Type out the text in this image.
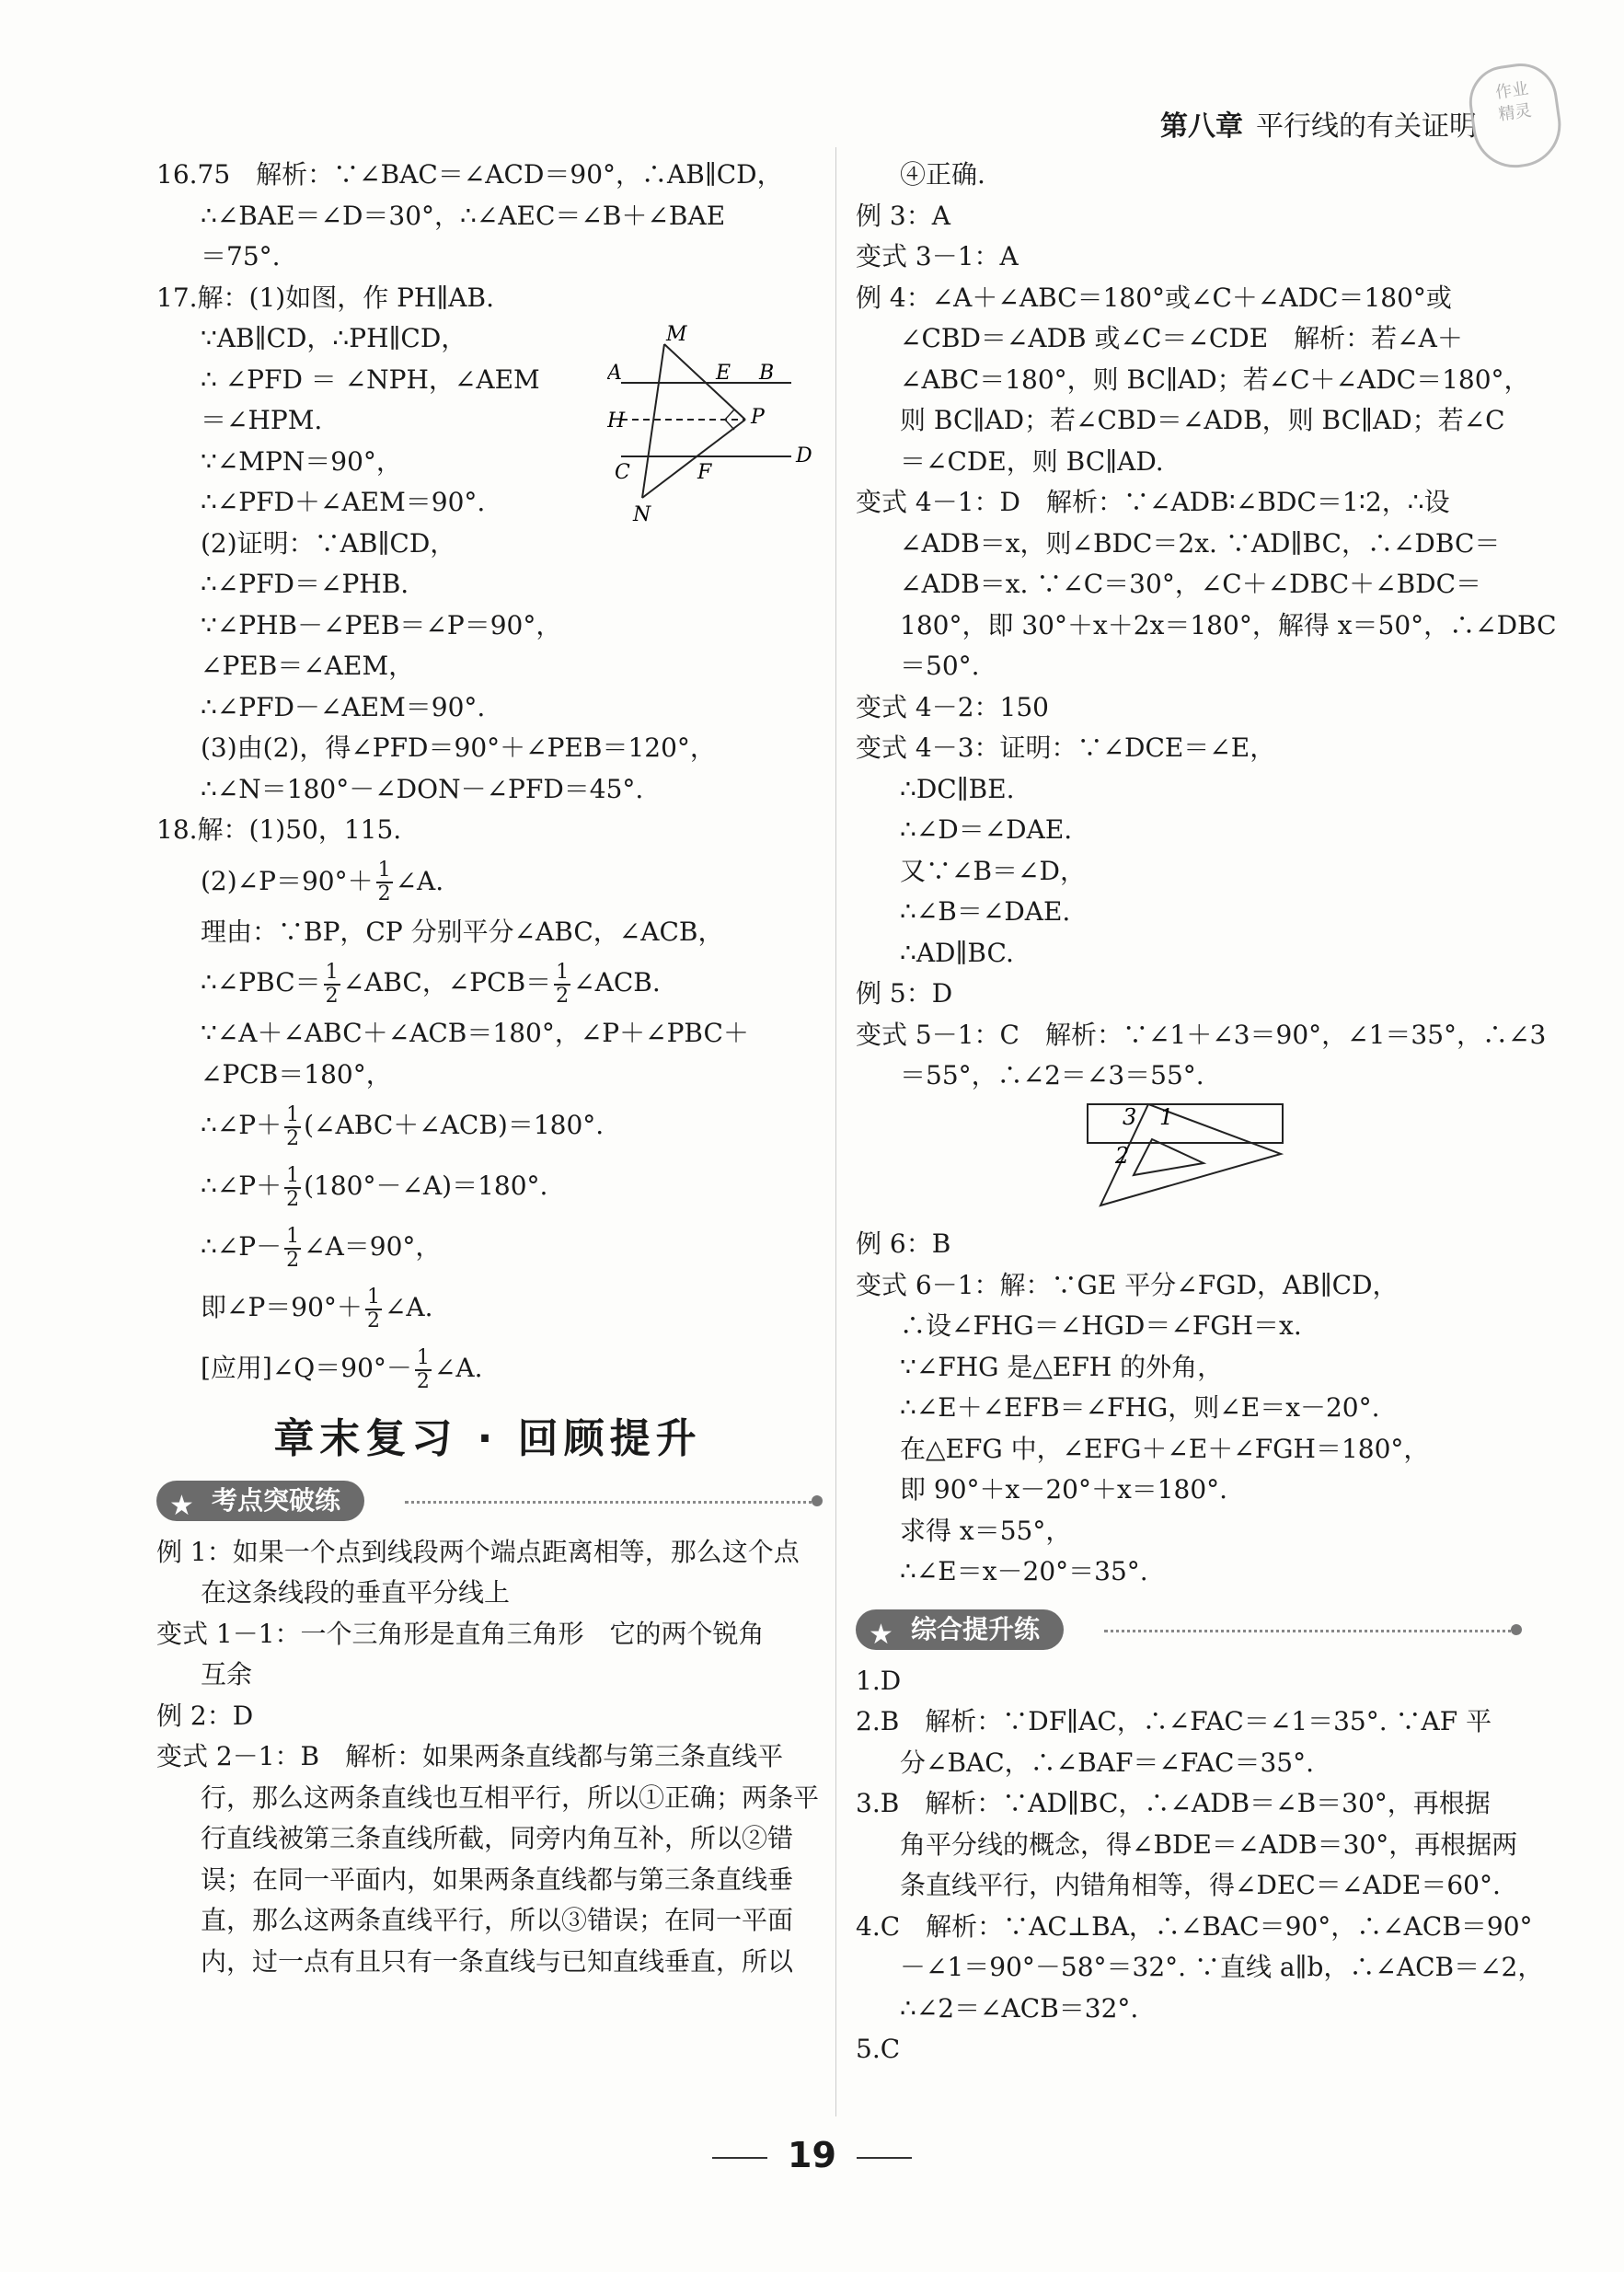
第八章 平行线的有关证明
作业
精灵
16.75　解析：∵∠BAC＝∠ACD＝90°，∴AB∥CD，
∴∠BAE＝∠D＝30°，∴∠AEC＝∠B＋∠BAE
＝75°.
17.解：(1)如图，作 PH∥AB.
∵AB∥CD，∴PH∥CD，
∴ ∠PFD ＝ ∠NPH，∠AEM
＝∠HPM.
∵∠MPN＝90°，
∴∠PFD＋∠AEM＝90°.
(2)证明：∵AB∥CD，
∴∠PFD＝∠PHB.
∵∠PHB－∠PEB＝∠P＝90°，
∠PEB＝∠AEM，
∴∠PFD－∠AEM＝90°.
(3)由(2)，得∠PFD＝90°＋∠PEB＝120°，
∴∠N＝180°－∠DON－∠PFD＝45°.
M
A	E B
H	P
D
C	F
N
18.解：(1)50，115.
(2)∠P＝90°＋ $\frac{1}{2}$ ∠A.
理由：∵BP，CP 分别平分∠ABC，∠ACB，
∴∠PBC＝ $\frac{1}{2}$ ∠ABC，∠PCB＝ $\frac{1}{2}$ ∠ACB.
∵∠A＋∠ABC＋∠ACB＝180°，∠P＋∠PBC＋
∠PCB＝180°，
∴∠P＋ $\frac{1}{2}$ (∠ABC＋∠ACB)＝180°.
∴∠P＋ $\frac{1}{2}$ (180°－∠A)＝180°.
∴∠P－ $\frac{1}{2}$ ∠A＝90°，
即∠P＝90°＋ $\frac{1}{2}$ ∠A.
[应用]∠Q＝90°－ $\frac{1}{2}$ ∠A.
章末复习 · 回顾提升
★ 考点突破练
例 1：如果一个点到线段两个端点距离相等，那么这个点
在这条线段的垂直平分线上
变式 1－1：一个三角形是直角三角形　它的两个锐角
互余
例 2：D
变式 2－1：B　解析：如果两条直线都与第三条直线平
行，那么这两条直线也互相平行，所以①正确；两条平
行直线被第三条直线所截，同旁内角互补，所以②错
误；在同一平面内，如果两条直线都与第三条直线垂
直，那么这两条直线平行，所以③错误；在同一平面
内，过一点有且只有一条直线与已知直线垂直，所以
④正确.
例 3：A
变式 3－1：A
例 4：∠A＋∠ABC＝180°或∠C＋∠ADC＝180°或
∠CBD＝∠ADB 或∠C＝∠CDE　解析：若∠A＋
∠ABC＝180°，则 BC∥AD；若∠C＋∠ADC＝180°，
则 BC∥AD；若∠CBD＝∠ADB，则 BC∥AD；若∠C
＝∠CDE，则 BC∥AD.
变式 4－1：D　解析：∵∠ADB∶∠BDC＝1∶2，∴设
∠ADB＝x，则∠BDC＝2x. ∵AD∥BC，∴∠DBC＝
∠ADB＝x. ∵∠C＝30°，∠C＋∠DBC＋∠BDC＝
180°，即 30°＋x＋2x＝180°，解得 x＝50°，∴∠DBC
＝50°.
变式 4－2：150
变式 4－3：证明：∵∠DCE＝∠E，
∴DC∥BE.
∴∠D＝∠DAE.
又∵∠B＝∠D，
∴∠B＝∠DAE.
∴AD∥BC.
例 5：D
变式 5－1：C　解析：∵∠1＋∠3＝90°，∠1＝35°，∴∠3
＝55°，∴∠2＝∠3＝55°.
3 1
2
例 6：B
变式 6－1：解：∵GE 平分∠FGD，AB∥CD，
∴设∠FHG＝∠HGD＝∠FGH＝x.
∵∠FHG 是△EFH 的外角，
∴∠E＋∠EFB＝∠FHG，则∠E＝x－20°.
在△EFG 中，∠EFG＋∠E＋∠FGH＝180°，
即 90°＋x－20°＋x＝180°.
求得 x＝55°，
∴∠E＝x－20°＝35°.
★ 综合提升练
1.D
2.B　解析：∵DF∥AC，∴∠FAC＝∠1＝35°. ∵AF 平
分∠BAC，∴∠BAF＝∠FAC＝35°.
3.B　解析：∵AD∥BC，∴∠ADB＝∠B＝30°，再根据
角平分线的概念，得∠BDE＝∠ADB＝30°，再根据两
条直线平行，内错角相等，得∠DEC＝∠ADE＝60°.
4.C　解析：∵AC⊥BA，∴∠BAC＝90°，∴∠ACB＝90°
－∠1＝90°－58°＝32°. ∵直线 a∥b，∴∠ACB＝∠2，
∴∠2＝∠ACB＝32°.
5.C
19
